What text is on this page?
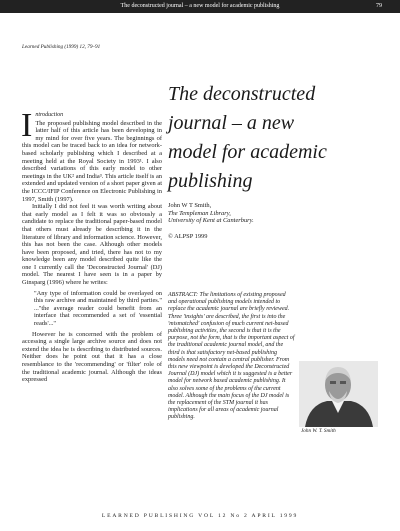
The deconstructed journal – a new model for academic publishing	79
Learned Publishing (1999) 12, 79–91
The deconstructed
journal – a new
model for academic
publishing
John W T Smith,
The Templeman Library,
University of Kent at Canterbury.
© ALPSP 1999
I ntroduction

The proposed publishing model described in the latter half of this article has been developing in my mind for over five years. The beginnings of this model can be traced back to an idea for network-based scholarly publishing which I described at a meeting held at the Royal Society in 1993¹. I also described variations of this early model to other meetings in the UK² and India³. This article itself is an extended and updated version of a short paper given at the ICCC/IFIP Conference on Electronic Publishing in 1997, Smith (1997).

Initially I did not feel it was worth writing about that early model as I felt it was so obviously a candidate to replace the traditional paper-based model that others must already be describing it in the literature of library and information science. However, this has not been the case. Although other models have been proposed, and tried, there has not to my knowledge been any model described quite like the one I currently call the 'Deconstructed Journal' (DJ) model. The nearest I have seen is in a paper by Ginsparg (1996) where he writes:

"Any type of information could be overlayed on this raw archive and maintained by third parties." ..."the average reader could benefit from an interface that recommended a set of 'essential reads'..."

However he is concerned with the problem of accessing a single large archive source and does not extend the idea he is describing to distributed sources. Neither does he point out that it has a close resemblance to the 'recommending' or 'filter' role of the traditional academic journal. Although the ideas expressed

ABSTRACT: The limitations of existing proposed and operational publishing models intended to replace the academic journal are briefly reviewed. Three 'insights' are described, the first is into the 'mismatched' confusion of much current net-based publishing activities, the second is that it is the purpose, not the form, that is the important aspect of the traditional academic journal model, and the third is that satisfactory net-based publishing models need not contain a central publisher. From this new viewpoint is developed the Deconstructed Journal (DJ) model which it is suggested is a better model for network based academic publishing. It also solves some of the problems of the current model. Although the main focus of the DJ model is the replacement of the STM journal it has implications for all areas of academic journal publishing.
John W. T. Smith
LEARNED PUBLISHING VOL 12 No 2 APRIL 1999
